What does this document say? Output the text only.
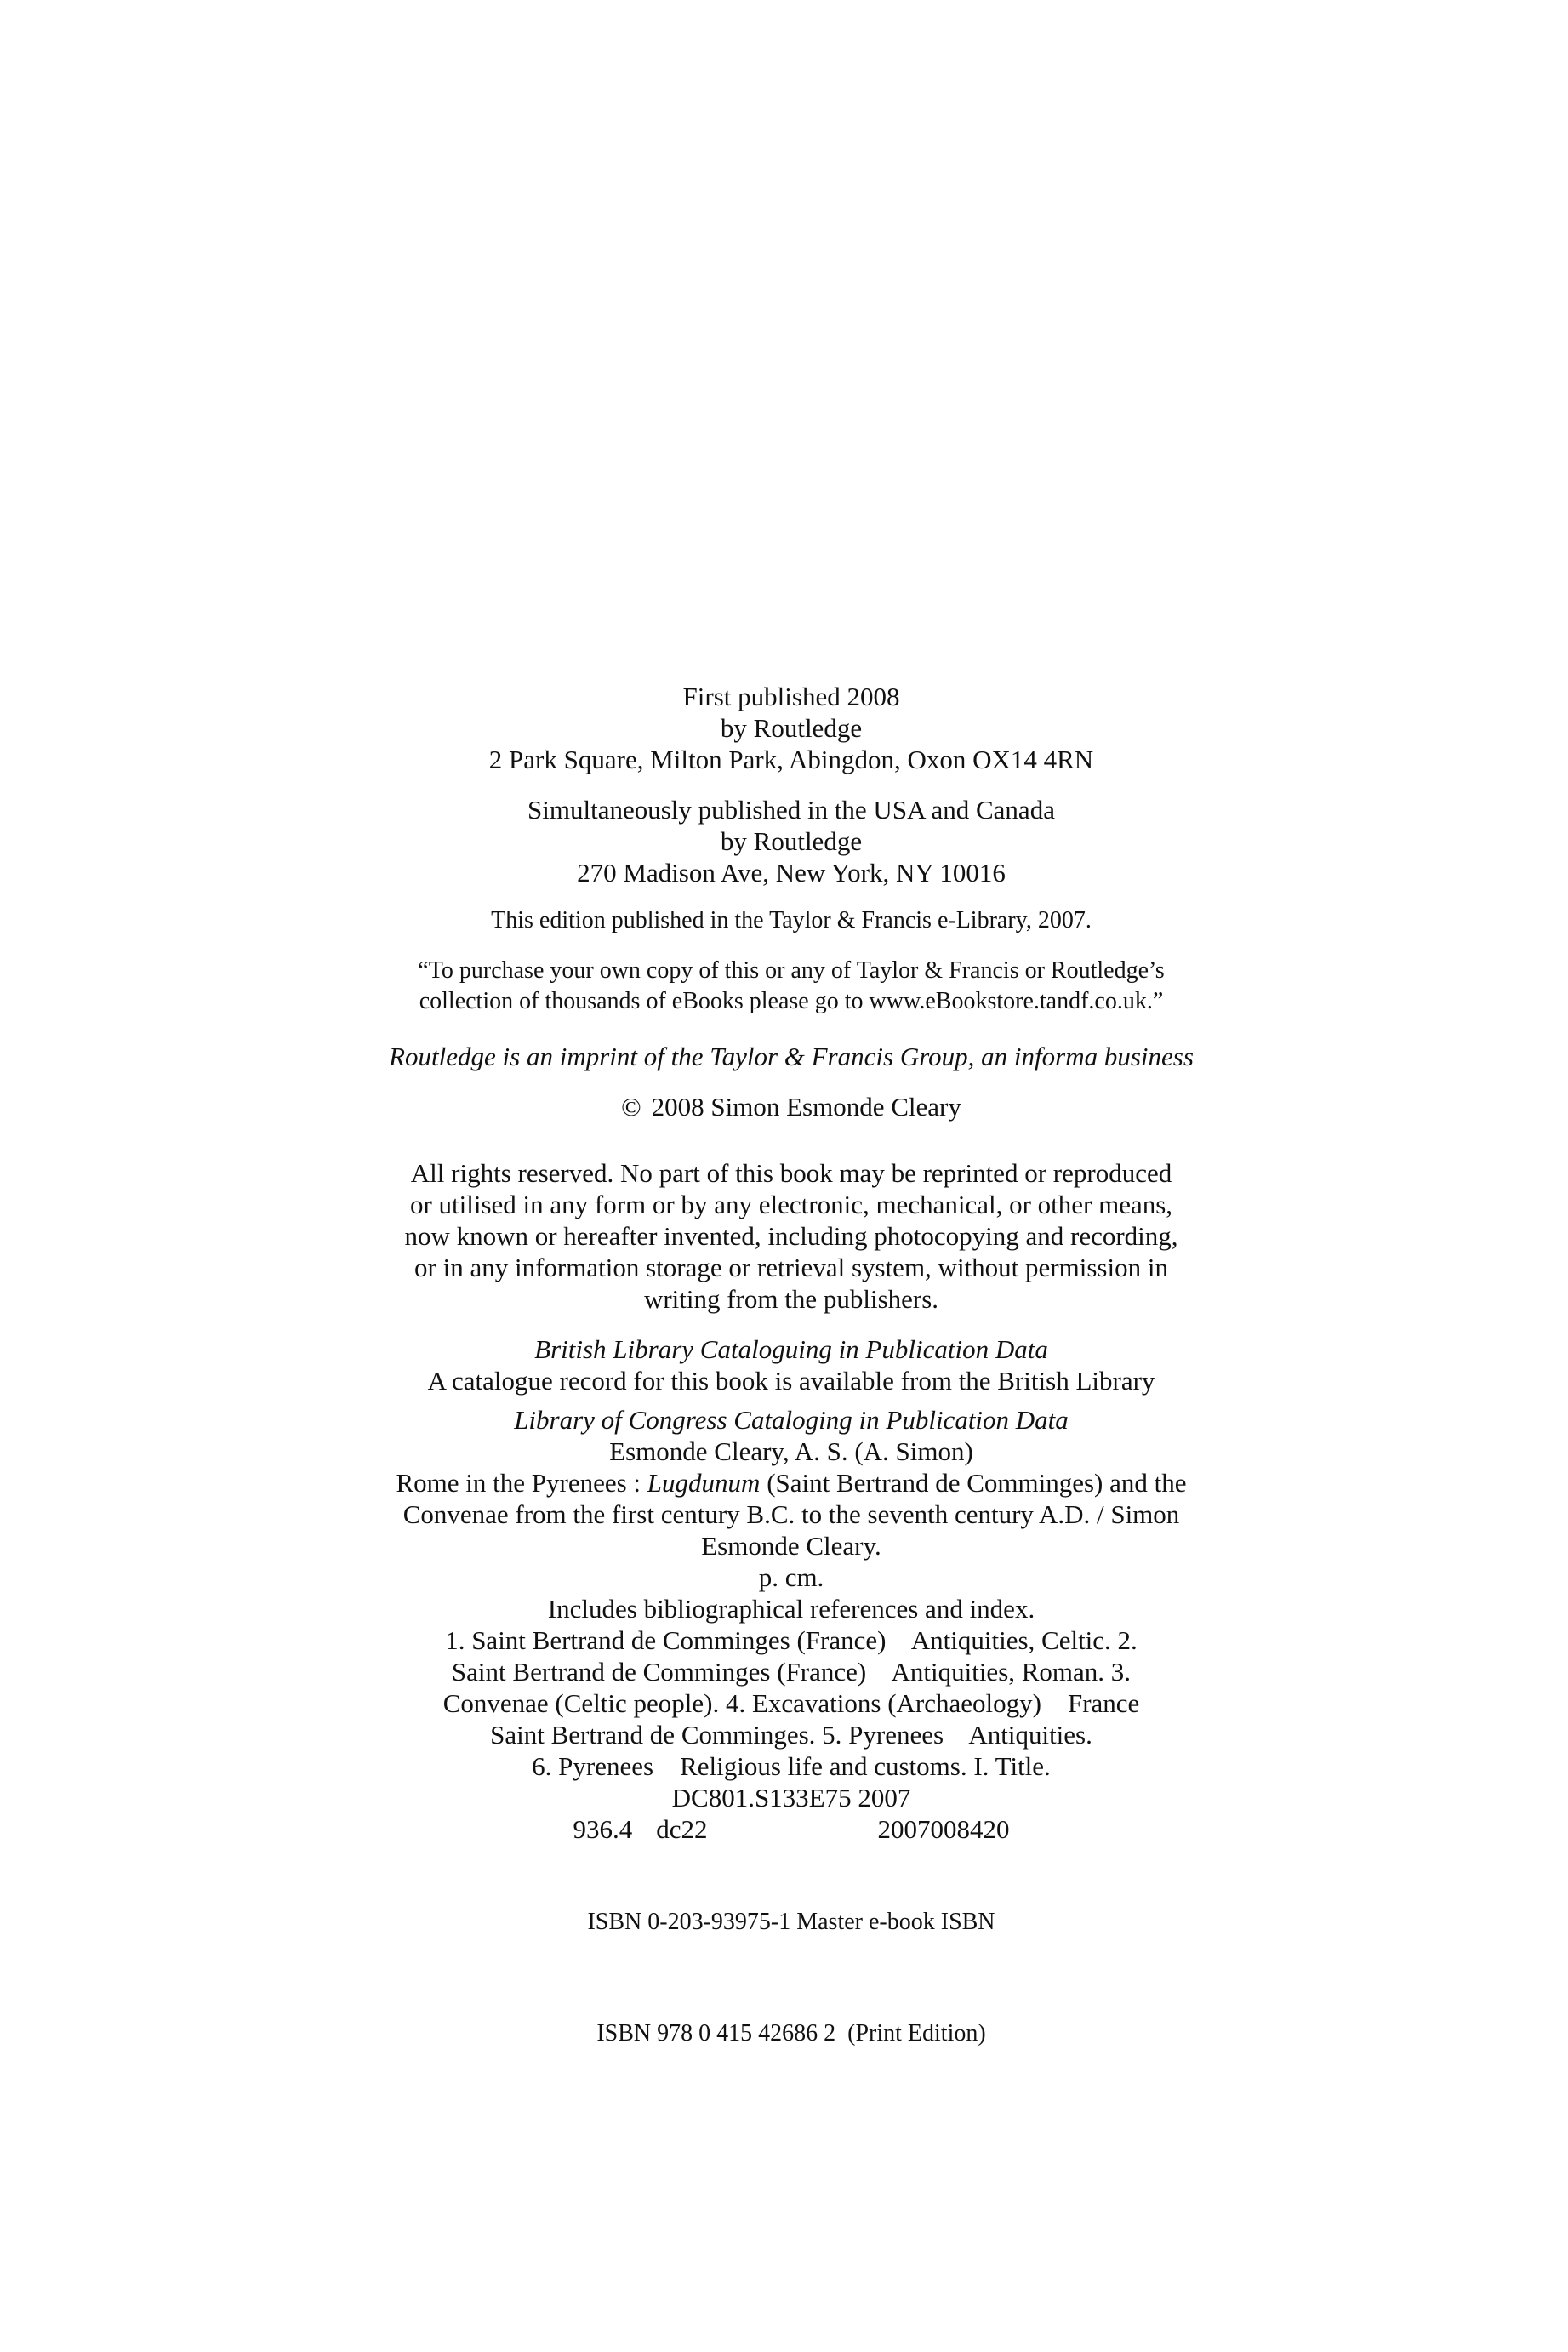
First published 2008
by Routledge
2 Park Square, Milton Park, Abingdon, Oxon OX14 4RN
Simultaneously published in the USA and Canada
by Routledge
270 Madison Ave, New York, NY 10016
This edition published in the Taylor & Francis e-Library, 2007.
“To purchase your own copy of this or any of Taylor & Francis or Routledge’s
collection of thousands of eBooks please go to www.eBookstore.tandf.co.uk.”
Routledge is an imprint of the Taylor & Francis Group, an informa business
© 2008 Simon Esmonde Cleary
All rights reserved. No part of this book may be reprinted or reproduced
or utilised in any form or by any electronic, mechanical, or other means,
now known or hereafter invented, including photocopying and recording,
or in any information storage or retrieval system, without permission in
writing from the publishers.
British Library Cataloguing in Publication Data
A catalogue record for this book is available from the British Library
Library of Congress Cataloging in Publication Data
Esmonde Cleary, A. S. (A. Simon)
Rome in the Pyrenees : Lugdunum (Saint Bertrand de Comminges) and the
Convenae from the first century B.C. to the seventh century A.D. / Simon
Esmonde Cleary.
p. cm.
Includes bibliographical references and index.
1. Saint Bertrand de Comminges (France)    Antiquities, Celtic. 2.
Saint Bertrand de Comminges (France)    Antiquities, Roman. 3.
Convenae (Celtic people). 4. Excavations (Archaeology)    France
Saint Bertrand de Comminges. 5. Pyrenees    Antiquities.
6. Pyrenees    Religious life and customs. I. Title.
DC801.S133E75 2007
936.4 dc22	2007008420
ISBN 0-203-93975-1 Master e-book ISBN
ISBN 978 0 415 42686 2  (Print Edition)
